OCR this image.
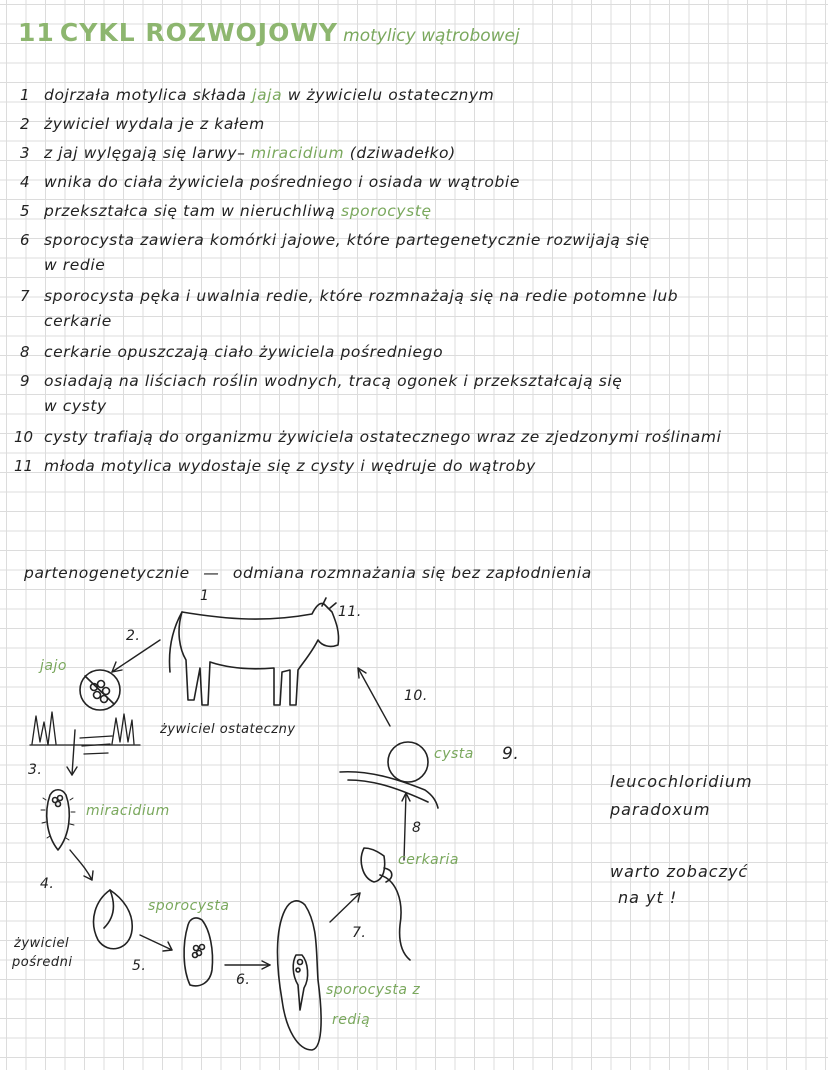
11 CYKL ROZWOJOWY motylicy wątrobowej
1 dojrzała motylica składa jaja w żywicielu ostatecznym
2 żywiciel wydala je z kałem
3 z jaj wylęgają się larwy– miracidium (dziwadełko)
4 wnika do ciała żywiciela pośredniego i osiada w wątrobie
5 przekształca się tam w nieruchliwą sporocystę
6 sporocysta zawiera komórki jajowe, które partegenetycznie rozwijają się
w redie
7 sporocysta pęka i uwalnia redie, które rozmnażają się na redie potomne lub
cerkarie
8 cerkarie opuszczają ciało żywiciela pośredniego
9 osiadają na liściach roślin wodnych, tracą ogonek i przekształcają się
w cysty
10 cysty trafiają do organizmu żywiciela ostatecznego wraz ze zjedzonymi roślinami
11 młoda motylica wydostaje się z cysty i wędruje do wątroby
partenogenetycznie — odmiana rozmnażania się bez zapłodnienia
jajo
miracidium
sporocysta
sporocysta z
redią
cerkaria
cysta
żywiciel ostateczny
żywiciel
pośredni
1
2.
3.
4.
5.
6.
7.
8
9.
10.
11.
leucochloridium
paradoxum
warto zobaczyć
na yt !
